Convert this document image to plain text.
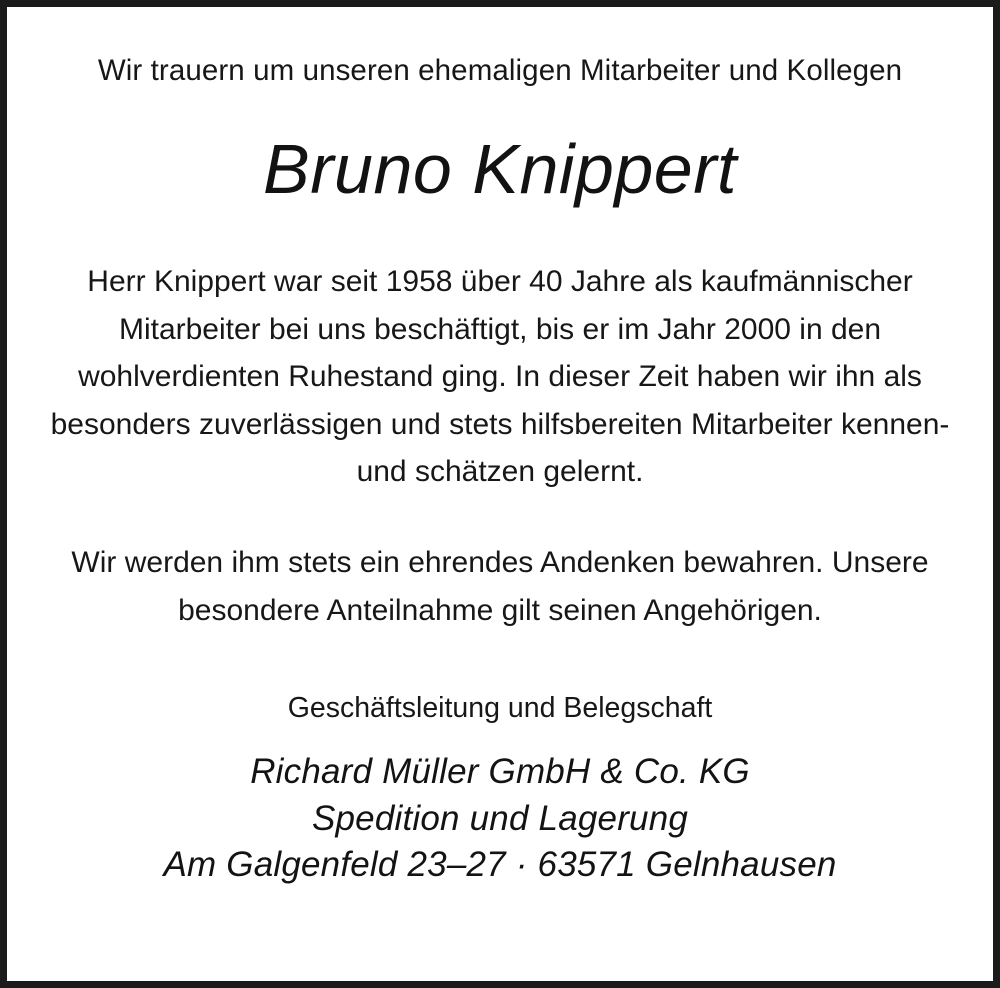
Wir trauern um unseren ehemaligen Mitarbeiter und Kollegen
Bruno Knippert
Herr Knippert war seit 1958 über 40 Jahre als kaufmännischer Mitarbeiter bei uns beschäftigt, bis er im Jahr 2000 in den wohlverdienten Ruhestand ging. In dieser Zeit haben wir ihn als besonders zuverlässigen und stets hilfsbereiten Mitarbeiter kennen- und schätzen gelernt.
Wir werden ihm stets ein ehrendes Andenken bewahren. Unsere besondere Anteilnahme gilt seinen Angehörigen.
Geschäftsleitung und Belegschaft
Richard Müller GmbH & Co. KG
Spedition und Lagerung
Am Galgenfeld 23–27 · 63571 Gelnhausen
